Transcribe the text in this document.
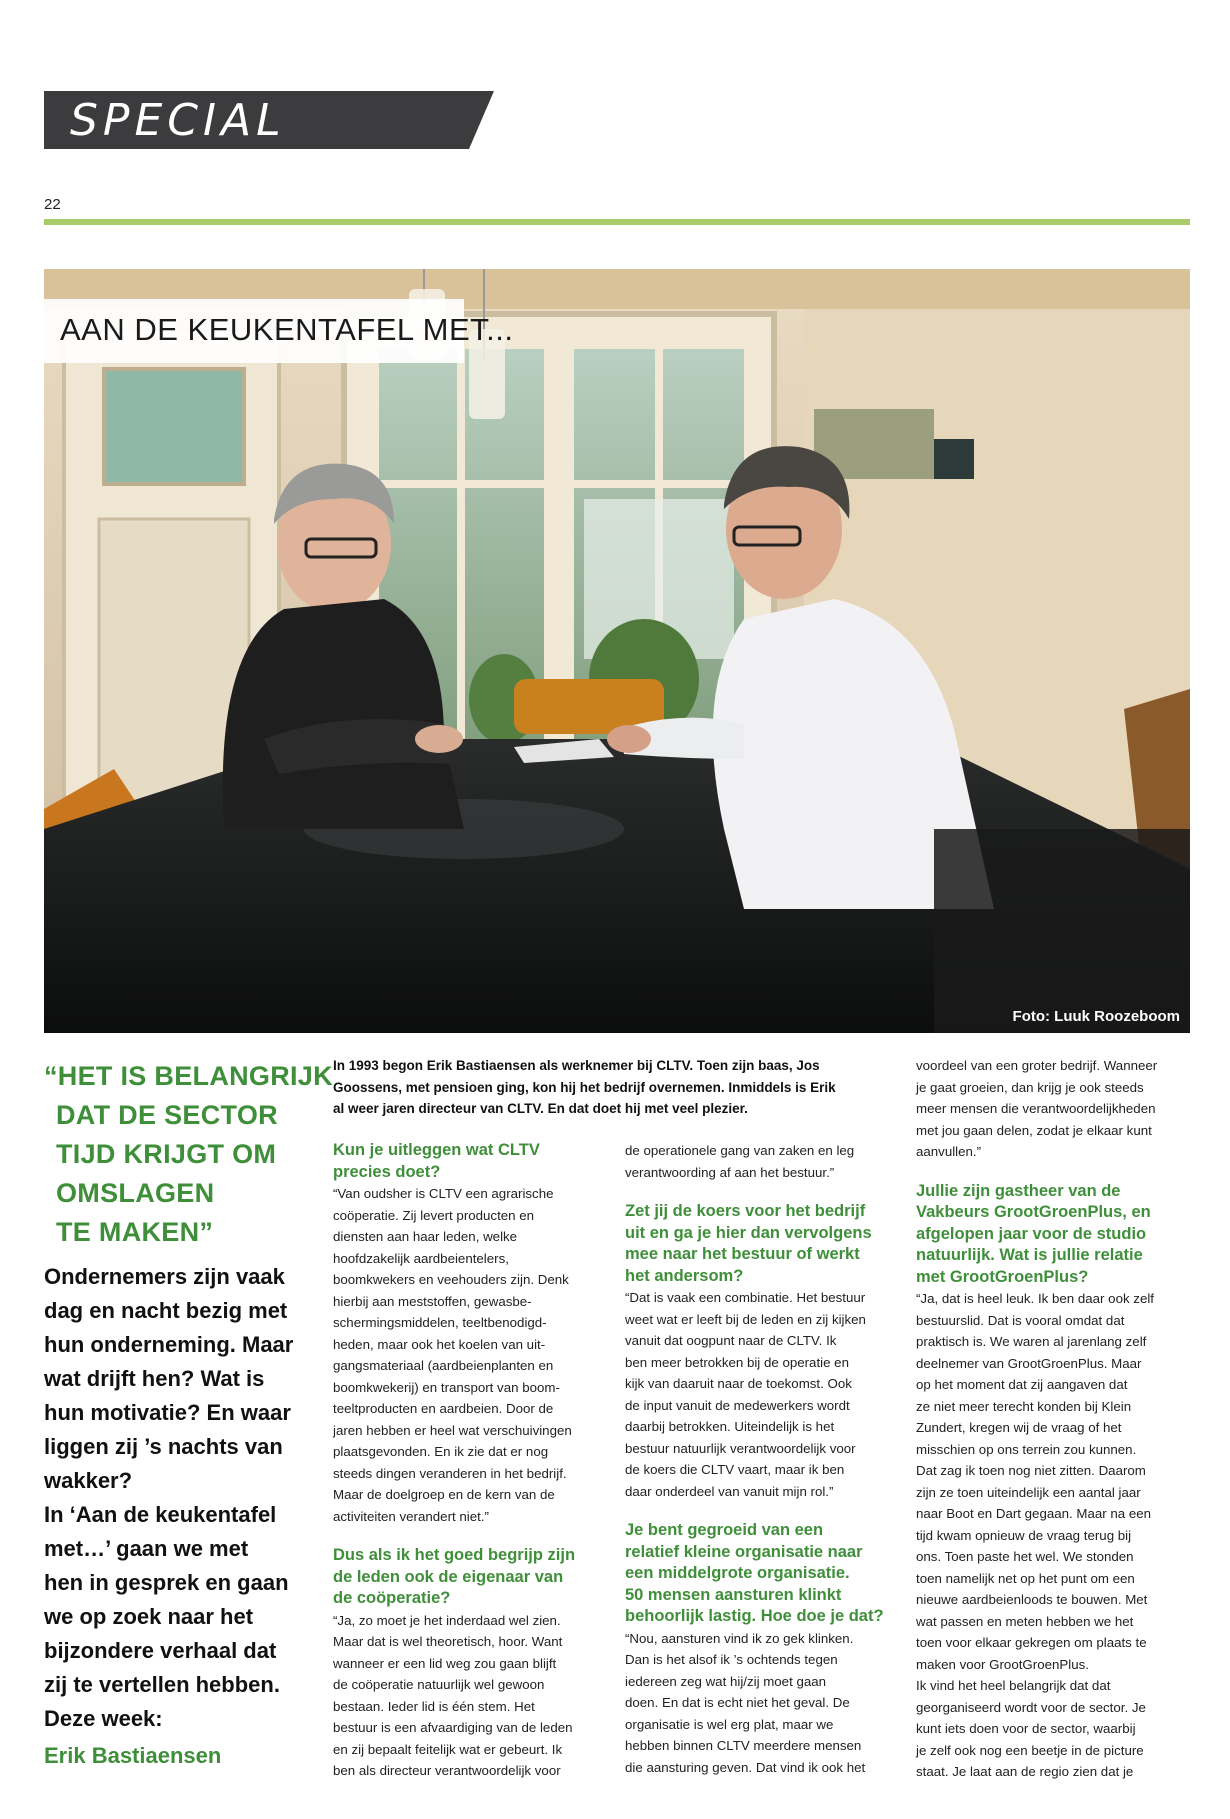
SPECIAL
22
AAN DE KEUKENTAFEL MET...
Foto: Luuk Roozeboom
“HET IS BELANGRIJK
DAT DE SECTOR
TIJD KRIJGT OM
OMSLAGEN
TE MAKEN”
Ondernemers zijn vaak
dag en nacht bezig met
hun onderneming. Maar
wat drijft hen? Wat is
hun motivatie? En waar
liggen zij ’s nachts van
wakker?
In ‘Aan de keukentafel
met…’ gaan we met
hen in gesprek en gaan
we op zoek naar het
bijzondere verhaal dat
zij te vertellen hebben.
Deze week:
Erik Bastiaensen
In 1993 begon Erik Bastiaensen als werknemer bij CLTV. Toen zijn baas, Jos
Goossens, met pensioen ging, kon hij het bedrijf overnemen. Inmiddels is Erik
al weer jaren directeur van CLTV. En dat doet hij met veel plezier.
Kun je uitleggen wat CLTV
precies doet?
“Van oudsher is CLTV een agrarische
coöperatie. Zij levert producten en
diensten aan haar leden, welke
hoofdzakelijk aardbeientelers,
boomkwekers en veehouders zijn. Denk
hierbij aan meststoffen, gewasbe-
schermingsmiddelen, teeltbenodigd-
heden, maar ook het koelen van uit-
gangsmateriaal (aardbeienplanten en
boomkwekerij) en transport van boom-
teeltproducten en aardbeien. Door de
jaren hebben er heel wat verschuivingen
plaatsgevonden. En ik zie dat er nog
steeds dingen veranderen in het bedrijf.
Maar de doelgroep en de kern van de
activiteiten verandert niet.”
Dus als ik het goed begrijp zijn
de leden ook de eigenaar van
de coöperatie?
“Ja, zo moet je het inderdaad wel zien.
Maar dat is wel theoretisch, hoor. Want
wanneer er een lid weg zou gaan blijft
de coöperatie natuurlijk wel gewoon
bestaan. Ieder lid is één stem. Het
bestuur is een afvaardiging van de leden
en zij bepaalt feitelijk wat er gebeurt. Ik
ben als directeur verantwoordelijk voor
de operationele gang van zaken en leg
verantwoording af aan het bestuur.”
Zet jij de koers voor het bedrijf
uit en ga je hier dan vervolgens
mee naar het bestuur of werkt
het andersom?
“Dat is vaak een combinatie. Het bestuur
weet wat er leeft bij de leden en zij kijken
vanuit dat oogpunt naar de CLTV. Ik
ben meer betrokken bij de operatie en
kijk van daaruit naar de toekomst. Ook
de input vanuit de medewerkers wordt
daarbij betrokken. Uiteindelijk is het
bestuur natuurlijk verantwoordelijk voor
de koers die CLTV vaart, maar ik ben
daar onderdeel van vanuit mijn rol.”
Je bent gegroeid van een
relatief kleine organisatie naar
een middelgrote organisatie.
50 mensen aansturen klinkt
behoorlijk lastig. Hoe doe je dat?
“Nou, aansturen vind ik zo gek klinken.
Dan is het alsof ik ’s ochtends tegen
iedereen zeg wat hij/zij moet gaan
doen. En dat is echt niet het geval. De
organisatie is wel erg plat, maar we
hebben binnen CLTV meerdere mensen
die aansturing geven. Dat vind ik ook het
voordeel van een groter bedrijf. Wanneer
je gaat groeien, dan krijg je ook steeds
meer mensen die verantwoordelijkheden
met jou gaan delen, zodat je elkaar kunt
aanvullen.”
Jullie zijn gastheer van de
Vakbeurs GrootGroenPlus, en
afgelopen jaar voor de studio
natuurlijk. Wat is jullie relatie
met GrootGroenPlus?
“Ja, dat is heel leuk. Ik ben daar ook zelf
bestuurslid. Dat is vooral omdat dat
praktisch is. We waren al jarenlang zelf
deelnemer van GrootGroenPlus. Maar
op het moment dat zij aangaven dat
ze niet meer terecht konden bij Klein
Zundert, kregen wij de vraag of het
misschien op ons terrein zou kunnen.
Dat zag ik toen nog niet zitten. Daarom
zijn ze toen uiteindelijk een aantal jaar
naar Boot en Dart gegaan. Maar na een
tijd kwam opnieuw de vraag terug bij
ons. Toen paste het wel. We stonden
toen namelijk net op het punt om een
nieuwe aardbeienloods te bouwen. Met
wat passen en meten hebben we het
toen voor elkaar gekregen om plaats te
maken voor GrootGroenPlus.
Ik vind het heel belangrijk dat dat
georganiseerd wordt voor de sector. Je
kunt iets doen voor de sector, waarbij
je zelf ook nog een beetje in de picture
staat. Je laat aan de regio zien dat je
